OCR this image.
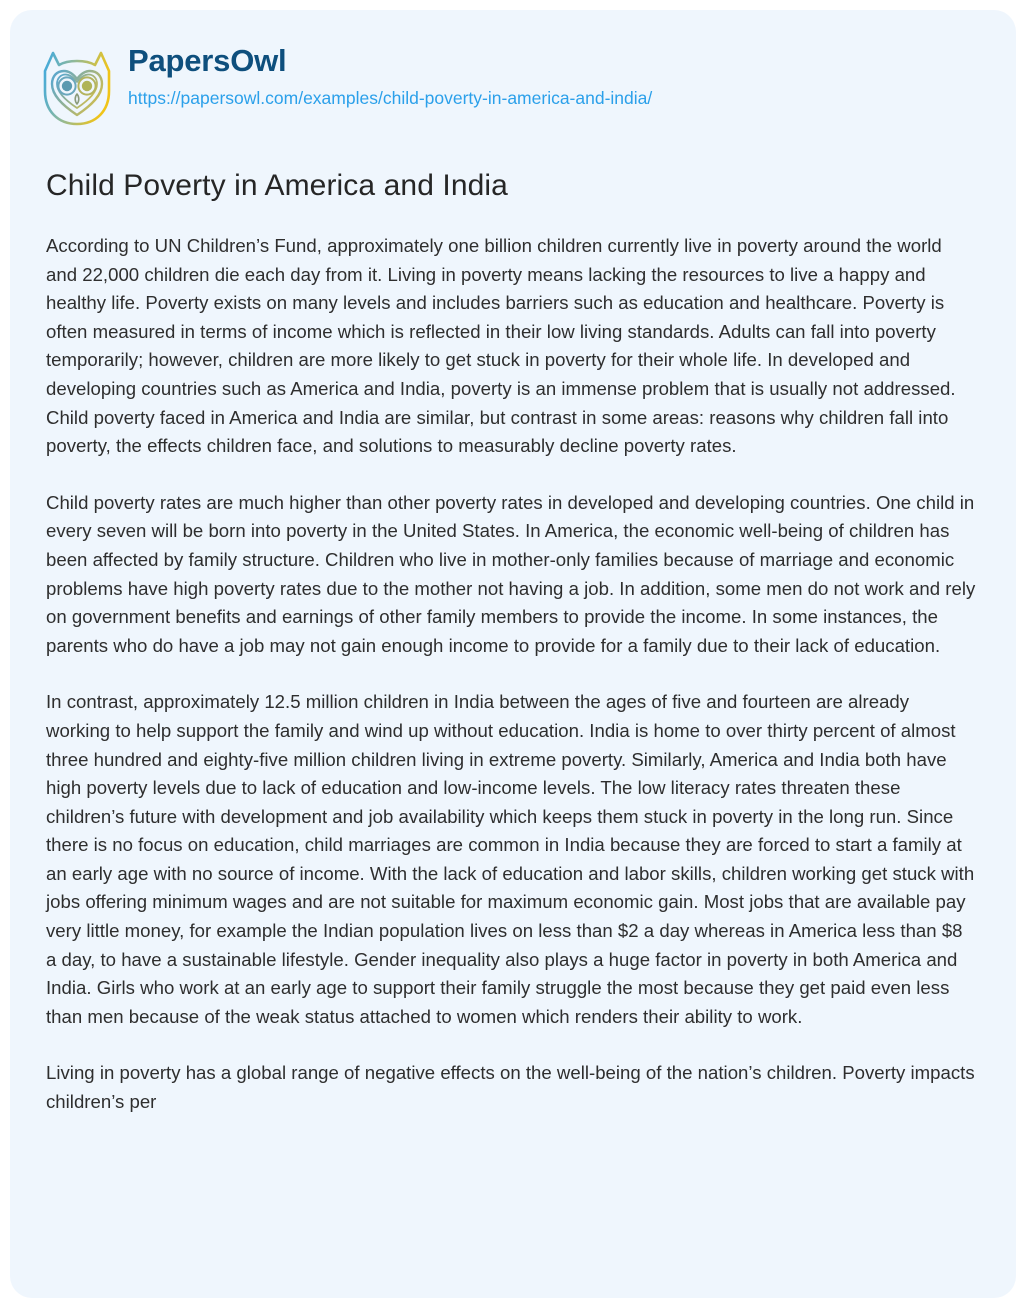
PapersOwl
https://papersowl.com/examples/child-poverty-in-america-and-india/
Child Poverty in America and India

According to UN Children’s Fund, approximately one billion children currently live in poverty around the world and 22,000 children die each day from it. Living in poverty means lacking the resources to live a happy and healthy life. Poverty exists on many levels and includes barriers such as education and healthcare. Poverty is often measured in terms of income which is reflected in their low living standards. Adults can fall into poverty temporarily; however, children are more likely to get stuck in poverty for their whole life. In developed and developing countries such as America and India, poverty is an immense problem that is usually not addressed. Child poverty faced in America and India are similar, but contrast in some areas: reasons why children fall into poverty, the effects children face, and solutions to measurably decline poverty rates.

Child poverty rates are much higher than other poverty rates in developed and developing countries. One child in every seven will be born into poverty in the United States. In America, the economic well-being of children has been affected by family structure. Children who live in mother-only families because of marriage and economic problems have high poverty rates due to the mother not having a job. In addition, some men do not work and rely on government benefits and earnings of other family members to provide the income. In some instances, the parents who do have a job may not gain enough income to provide for a family due to their lack of education.

In contrast, approximately 12.5 million children in India between the ages of five and fourteen are already working to help support the family and wind up without education. India is home to over thirty percent of almost three hundred and eighty-five million children living in extreme poverty. Similarly, America and India both have high poverty levels due to lack of education and low-income levels. The low literacy rates threaten these children’s future with development and job availability which keeps them stuck in poverty in the long run. Since there is no focus on education, child marriages are common in India because they are forced to start a family at an early age with no source of income. With the lack of education and labor skills, children working get stuck with jobs offering minimum wages and are not suitable for maximum economic gain. Most jobs that are available pay very little money, for example the Indian population lives on less than $2 a day whereas in America less than $8 a day, to have a sustainable lifestyle. Gender inequality also plays a huge factor in poverty in both America and India. Girls who work at an early age to support their family struggle the most because they get paid even less than men because of the weak status attached to women which renders their ability to work.

Living in poverty has a global range of negative effects on the well-being of the nation’s children. Poverty impacts children’s per
